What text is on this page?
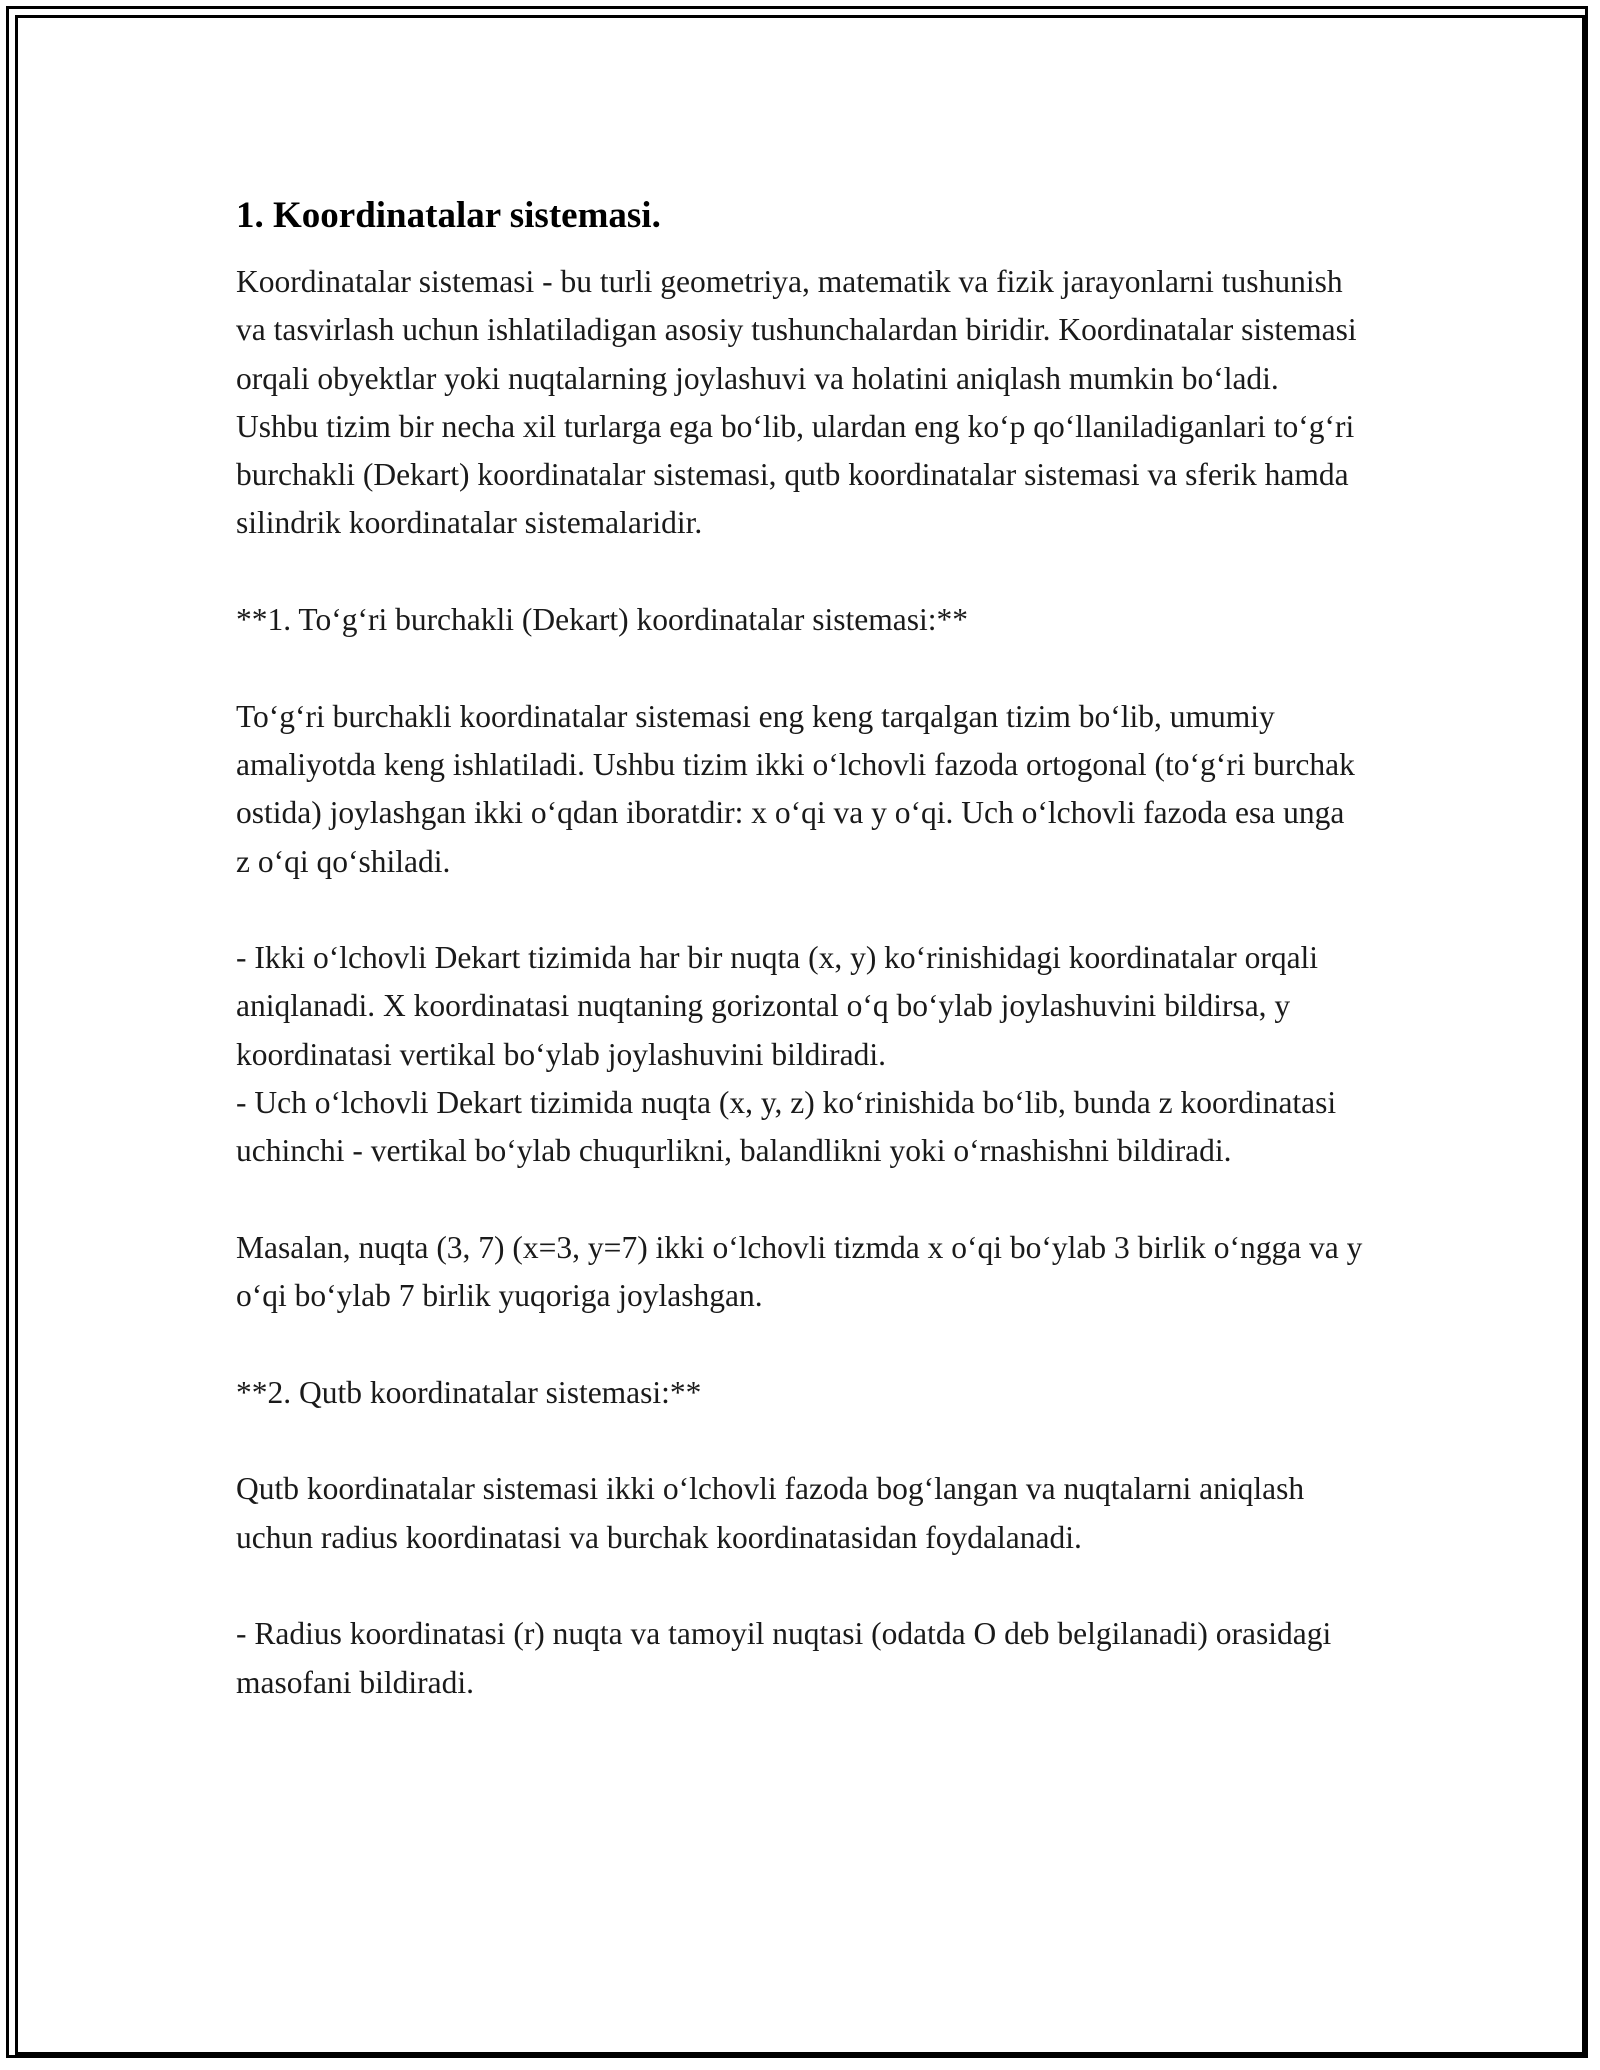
1. Koordinatalar sistemasi.

Koordinatalar sistemasi - bu turli geometriya, matematik va fizik jarayonlarni tushunish va tasvirlash uchun ishlatiladigan asosiy tushunchalardan biridir. Koordinatalar sistemasi orqali obyektlar yoki nuqtalarning joylashuvi va holatini aniqlash mumkin bo‘ladi. Ushbu tizim bir necha xil turlarga ega bo‘lib, ulardan eng ko‘p qo‘llaniladiganlari to‘g‘ri burchakli (Dekart) koordinatalar sistemasi, qutb koordinatalar sistemasi va sferik hamda silindrik koordinatalar sistemalaridir.

**1. To‘g‘ri burchakli (Dekart) koordinatalar sistemasi:**

To‘g‘ri burchakli koordinatalar sistemasi eng keng tarqalgan tizim bo‘lib, umumiy amaliyotda keng ishlatiladi. Ushbu tizim ikki o‘lchovli fazoda ortogonal (to‘g‘ri burchak ostida) joylashgan ikki o‘qdan iboratdir: x o‘qi va y o‘qi. Uch o‘lchovli fazoda esa unga z o‘qi qo‘shiladi.

- Ikki o‘lchovli Dekart tizimida har bir nuqta (x, y) ko‘rinishidagi koordinatalar orqali aniqlanadi. X koordinatasi nuqtaning gorizontal o‘q bo‘ylab joylashuvini bildirsa, y koordinatasi vertikal bo‘ylab joylashuvini bildiradi.

- Uch o‘lchovli Dekart tizimida nuqta (x, y, z) ko‘rinishida bo‘lib, bunda z koordinatasi uchinchi - vertikal bo‘ylab chuqurlikni, balandlikni yoki o‘rnashishni bildiradi.

Masalan, nuqta (3, 7) (x=3, y=7) ikki o‘lchovli tizmda x o‘qi bo‘ylab 3 birlik o‘ngga va y o‘qi bo‘ylab 7 birlik yuqoriga joylashgan.

**2. Qutb koordinatalar sistemasi:**

Qutb koordinatalar sistemasi ikki o‘lchovli fazoda bog‘langan va nuqtalarni aniqlash uchun radius koordinatasi va burchak koordinatasidan foydalanadi.

- Radius koordinatasi (r) nuqta va tamoyil nuqtasi (odatda O deb belgilanadi) orasidagi masofani bildiradi.
